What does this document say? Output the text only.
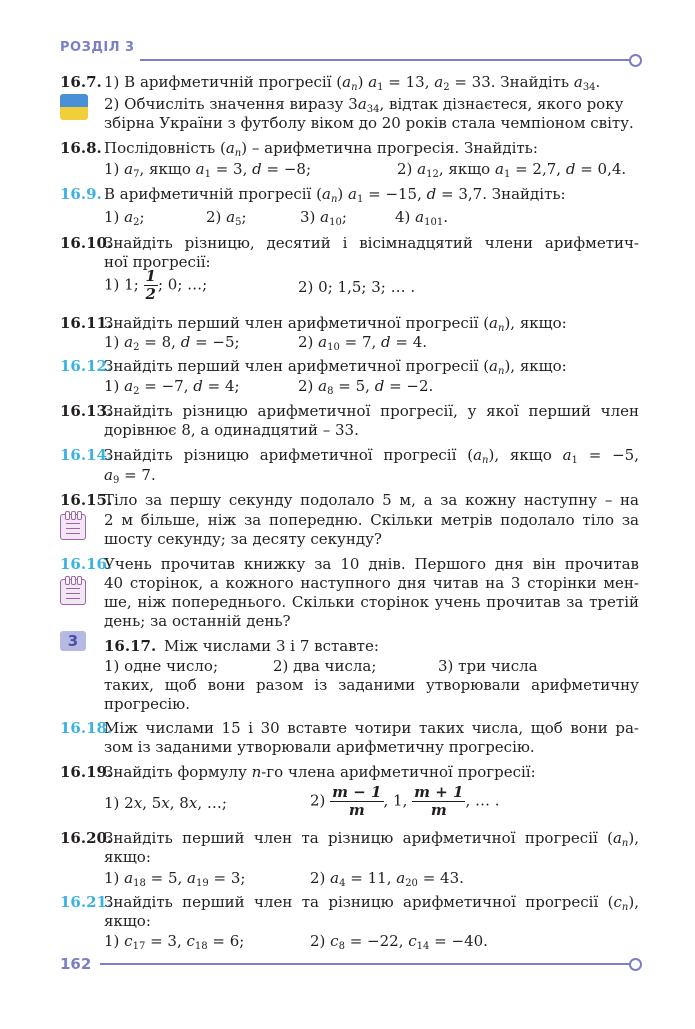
РОЗДІЛ 3
16.7. 1) В арифметичній прогресії $(a_n) a_1 = 13$, $a_2 = 33$. Знайдіть $a_{34}$.
2) Обчисліть значення виразу $3a_{34}$, відтак дізнаєтеся, якого року
збірна України з футболу віком до 20 років стала чемпіоном світу.
16.8. Послідовність $(a_n)$ – арифметична прогресія. Знайдіть:
1) $a_7$, якщо $a_1 = 3$, d = −8;	2) $a_{12}$, якщо $a_1 = 2,7$, d = 0,4.
16.9. В арифметичній прогресії $(a_n) a_1 = -15$, d = 3,7. Знайдіть:
1) $a_2$;	2) $a_5$;	3) $a_{10}$;	4) $a_{101}$.
16.10.
Знайдіть різницю, десятий і вісімнадцятий члени арифметич-
ної прогресії:
1) 1; $\frac{1}{2}$ ; 0; …;	2) 0; 1,5; 3; … .
16.11.
Знайдіть перший член арифметичної прогресії $(a_n)$, якщо:
1) $a_2 = 8$, d = −5;	2) $a_{10} = 7$, d = 4.
16.12.
Знайдіть перший член арифметичної прогресії $(a_n)$, якщо:
1) $a_2 = -7$, d = 4;	2) $a_8 = 5$, d = −2.
16.13.
Знайдіть різницю арифметичної прогресії, у якої перший член
дорівнює 8, а одинадцятий – 33.
16.14.
Знайдіть різницю арифметичної прогресії $(a_n)$, якщо $a_1 = -5$,
$a_9 = 7$.
16.15.
Тіло за першу секунду подолало 5 м, а за кожну наступну – на
2 м більше, ніж за попередню. Скільки метрів подолало тіло за
шосту секунду; за десяту секунду?
16.16.
Учень прочитав книжку за 10 днів. Першого дня він прочитав
40 сторінок, а кожного наступного дня читав на 3 сторінки мен-
ше, ніж попереднього. Скільки сторінок учень прочитав за третій
день; за останній день?
3	16.17. Між числами 3 і 7 вставте:
1) одне число;	2) два числа;	3) три числа
таких, щоб вони разом із заданими утворювали арифметичну
прогресію.
16.18.
Між числами 15 і 30 вставте чотири таких числа, щоб вони ра-
зом із заданими утворювали арифметичну прогресію.
16.19.
Знайдіть формулу n-го члена арифметичної прогресії:
1) 2x, 5x, 8x, …;	$2) \frac{m - 1}{m}$ , 1, $\frac{m + 1}{m}$ , … .
16.20.
Знайдіть перший член та різницю арифметичної прогресії $(a_n)$,
якщо:
1) $a_{18} = 5$, $a_{19} = 3$;	2) $a_4 = 11$, $a_{20} = 43$.
16.21.
Знайдіть перший член та різницю арифметичної прогресії $(c_n)$,
якщо:
1) $c_{17} = 3$, $c_{18} = 6$;	2) $c_8 = -22$, $c_{14} = -40$.
162
